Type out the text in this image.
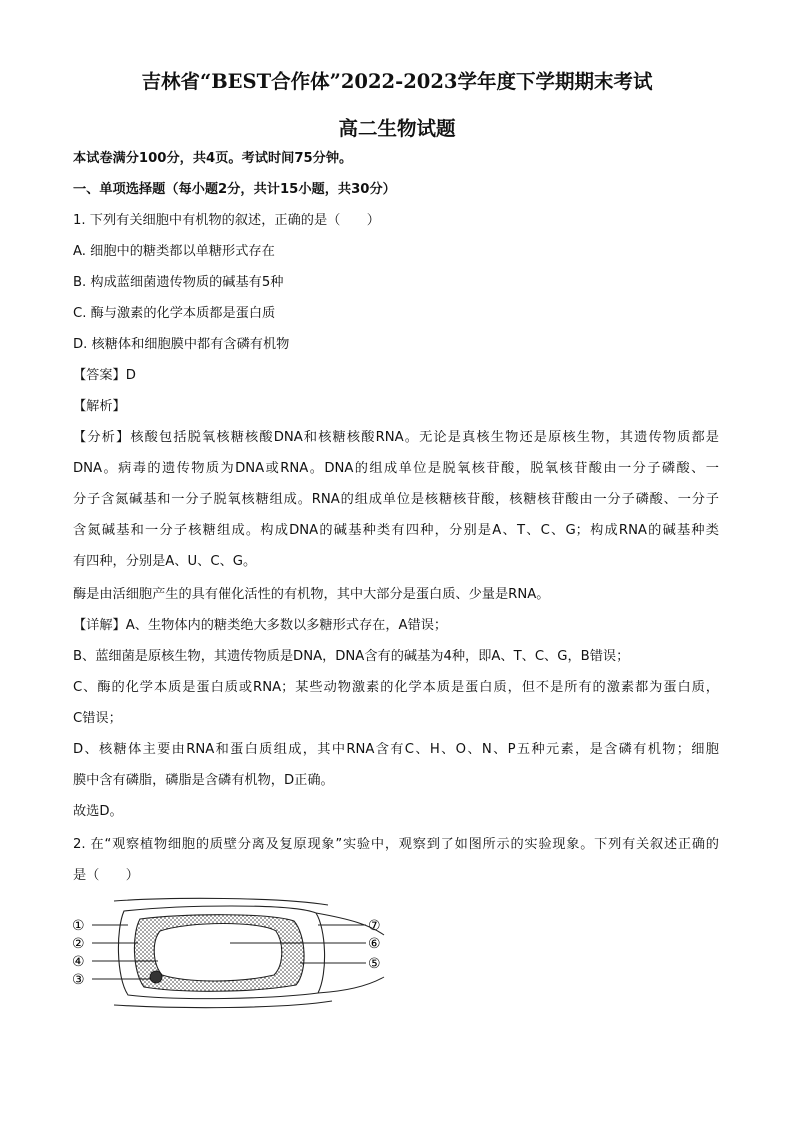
吉林省“BEST合作体”2022-2023学年度下学期期末考试
高二生物试题
本试卷满分100分，共4页。考试时间75分钟。
一、单项选择题（每小题2分，共计15小题，共30分）
1. 下列有关细胞中有机物的叙述，正确的是（　　）
A. 细胞中的糖类都以单糖形式存在
B. 构成蓝细菌遗传物质的碱基有5种
C. 酶与激素的化学本质都是蛋白质
D. 核糖体和细胞膜中都有含磷有机物
【答案】D
【解析】
【分析】核酸包括脱氧核糖核酸DNA和核糖核酸RNA。无论是真核生物还是原核生物，其遗传物质都是
DNA。病毒的遗传物质为DNA或RNA。DNA的组成单位是脱氧核苷酸，脱氧核苷酸由一分子磷酸、一
分子含氮碱基和一分子脱氧核糖组成。RNA的组成单位是核糖核苷酸，核糖核苷酸由一分子磷酸、一分子
含氮碱基和一分子核糖组成。构成DNA的碱基种类有四种，分别是A、T、C、G；构成RNA的碱基种类
有四种，分别是A、U、C、G。
酶是由活细胞产生的具有催化活性的有机物，其中大部分是蛋白质、少量是RNA。
【详解】A、生物体内的糖类绝大多数以多糖形式存在，A错误；
B、蓝细菌是原核生物，其遗传物质是DNA，DNA含有的碱基为4种，即A、T、C、G，B错误；
C、酶的化学本质是蛋白质或RNA；某些动物激素的化学本质是蛋白质，但不是所有的激素都为蛋白质，
C错误；
D、核糖体主要由RNA和蛋白质组成，其中RNA含有C、H、O、N、P五种元素，是含磷有机物；细胞
膜中含有磷脂，磷脂是含磷有机物，D正确。
故选D。
2. 在“观察植物细胞的质壁分离及复原现象”实验中，观察到了如图所示的实验现象。下列有关叙述正确的
是（　　）
①
②
④
③
⑦
⑥
⑤
